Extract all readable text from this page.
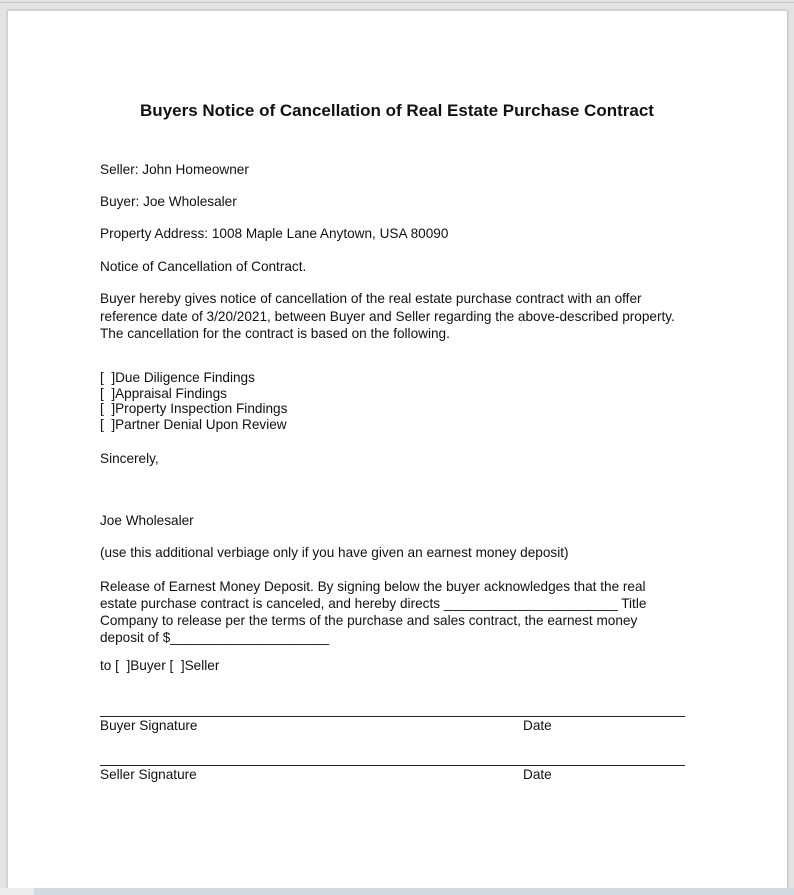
Buyers Notice of Cancellation of Real Estate Purchase Contract
Seller: John Homeowner
Buyer: Joe Wholesaler
Property Address: 1008 Maple Lane Anytown, USA 80090
Notice of Cancellation of Contract.
Buyer hereby gives notice of cancellation of the real estate purchase contract with an offer
reference date of 3/20/2021, between Buyer and Seller regarding the above-described property.
The cancellation for the contract is based on the following.
[  ]Due Diligence Findings
[  ]Appraisal Findings
[  ]Property Inspection Findings
[  ]Partner Denial Upon Review
Sincerely,
Joe Wholesaler
(use this additional verbiage only if you have given an earnest money deposit)
Release of Earnest Money Deposit. By signing below the buyer acknowledges that the real
estate purchase contract is canceled, and hereby directs _______________________ Title
Company to release per the terms of the purchase and sales contract, the earnest money
deposit of $_____________________
to [  ]Buyer [  ]Seller
Buyer Signature	Date
Seller Signature	Date
